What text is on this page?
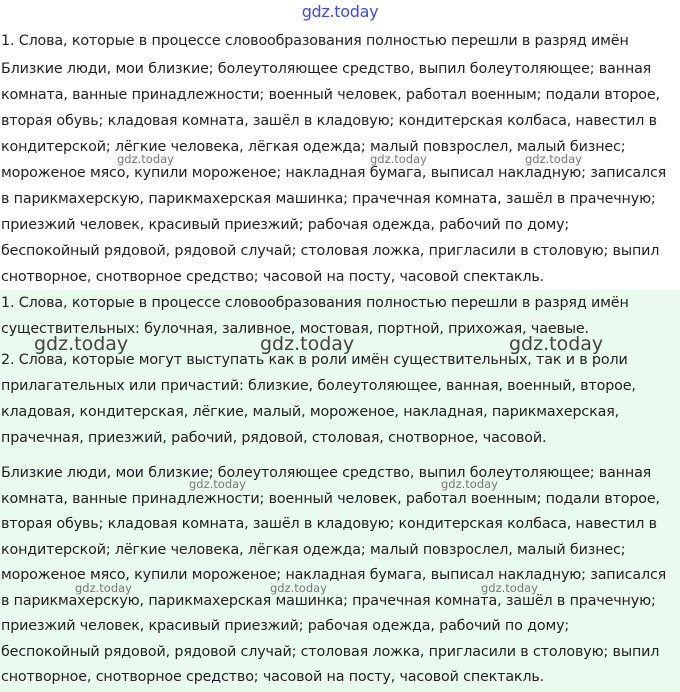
gdz.today
1. Слова, которые в процессе словообразования полностью перешли в разряд имён
Близкие люди, мои близкие; болеутоляющее средство, выпил болеутоляющее; ванная
комната, ванные принадлежности; военный человек, работал военным; подали второе,
вторая обувь; кладовая комната, зашёл в кладовую; кондитерская колбаса, навестил в
кондитерской; лёгкие человека, лёгкая одежда; малый повзрослел, малый бизнес;
мороженое мясо, купили мороженое; накладная бумага, выписал накладную; записался
в парикмахерскую, парикмахерская машинка; прачечная комната, зашёл в прачечную;
приезжий человек, красивый приезжий; рабочая одежда, рабочий по дому;
беспокойный рядовой, рядовой случай; столовая ложка, пригласили в столовую; выпил
снотворное, снотворное средство; часовой на посту, часовой спектакль.
1. Слова, которые в процессе словообразования полностью перешли в разряд имён
существительных: булочная, заливное, мостовая, портной, прихожая, чаевые.
2. Слова, которые могут выступать как в роли имён существительных, так и в роли
прилагательных или причастий: близкие, болеутоляющее, ванная, военный, второе,
кладовая, кондитерская, лёгкие, малый, мороженое, накладная, парикмахерская,
прачечная, приезжий, рабочий, рядовой, столовая, снотворное, часовой.
Близкие люди, мои близкие; болеутоляющее средство, выпил болеутоляющее; ванная
комната, ванные принадлежности; военный человек, работал военным; подали второе,
вторая обувь; кладовая комната, зашёл в кладовую; кондитерская колбаса, навестил в
кондитерской; лёгкие человека, лёгкая одежда; малый повзрослел, малый бизнес;
мороженое мясо, купили мороженое; накладная бумага, выписал накладную; записался
в парикмахерскую, парикмахерская машинка; прачечная комната, зашёл в прачечную;
приезжий человек, красивый приезжий; рабочая одежда, рабочий по дому;
беспокойный рядовой, рядовой случай; столовая ложка, пригласили в столовую; выпил
снотворное, снотворное средство; часовой на посту, часовой спектакль.
gdz.today	gdz.today	gdz.today
gdz.today	gdz.today	gdz.today
gdz.today	gdz.today
gdz.today	gdz.today	gdz.today
